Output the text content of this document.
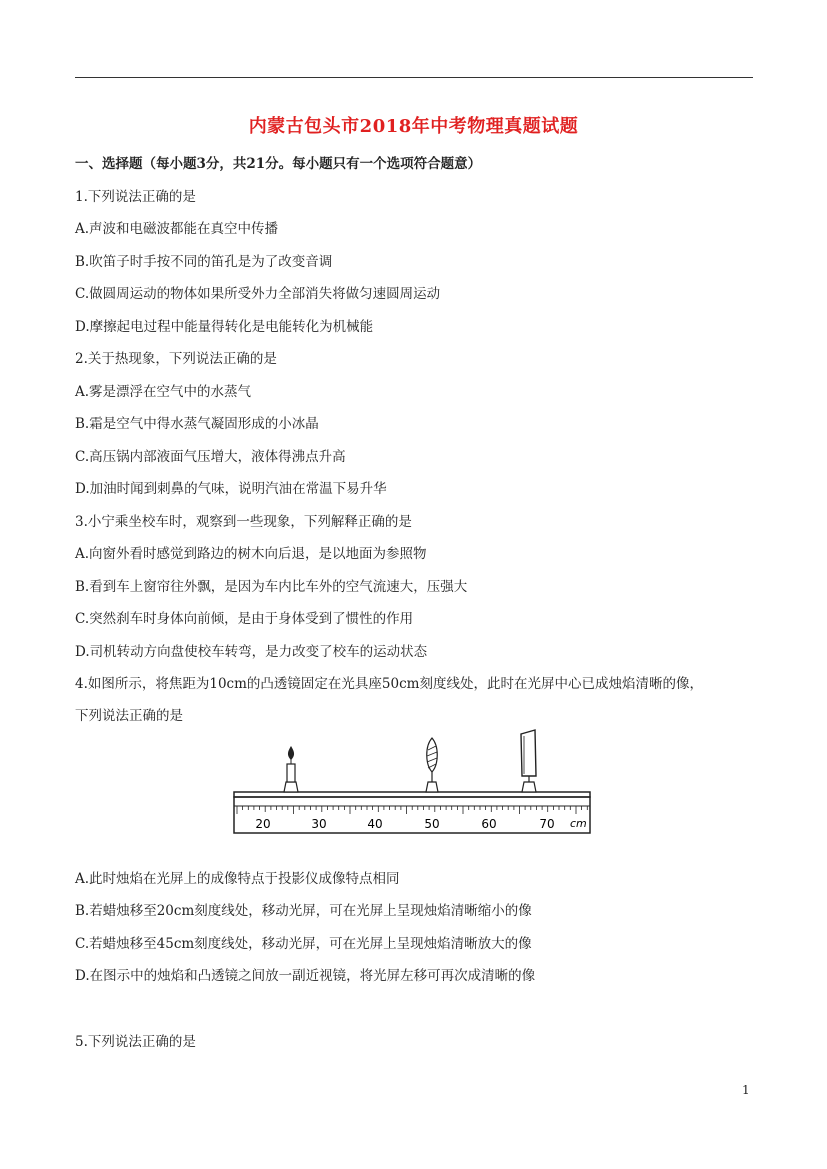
内蒙古包头市2018年中考物理真题试题
一、选择题（每小题3分，共21分。每小题只有一个选项符合题意）
1.下列说法正确的是
A.声波和电磁波都能在真空中传播
B.吹笛子时手按不同的笛孔是为了改变音调
C.做圆周运动的物体如果所受外力全部消失将做匀速圆周运动
D.摩擦起电过程中能量得转化是电能转化为机械能
2.关于热现象，下列说法正确的是
A.雾是漂浮在空气中的水蒸气
B.霜是空气中得水蒸气凝固形成的小冰晶
C.高压锅内部液面气压增大，液体得沸点升高
D.加油时闻到刺鼻的气味，说明汽油在常温下易升华
3.小宁乘坐校车时，观察到一些现象，下列解释正确的是
A.向窗外看时感觉到路边的树木向后退，是以地面为参照物
B.看到车上窗帘往外飘，是因为车内比车外的空气流速大，压强大
C.突然刹车时身体向前倾，是由于身体受到了惯性的作用
D.司机转动方向盘使校车转弯，是力改变了校车的运动状态
4.如图所示，将焦距为10cm的凸透镜固定在光具座50cm刻度线处，此时在光屏中心已成烛焰清晰的像，
下列说法正确的是
20	30	40	50	60	70 cm
A.此时烛焰在光屏上的成像特点于投影仪成像特点相同
B.若蜡烛移至20cm刻度线处，移动光屏，可在光屏上呈现烛焰清晰缩小的像
C.若蜡烛移至45cm刻度线处，移动光屏，可在光屏上呈现烛焰清晰放大的像
D.在图示中的烛焰和凸透镜之间放一副近视镜，将光屏左移可再次成清晰的像
5.下列说法正确的是
1
